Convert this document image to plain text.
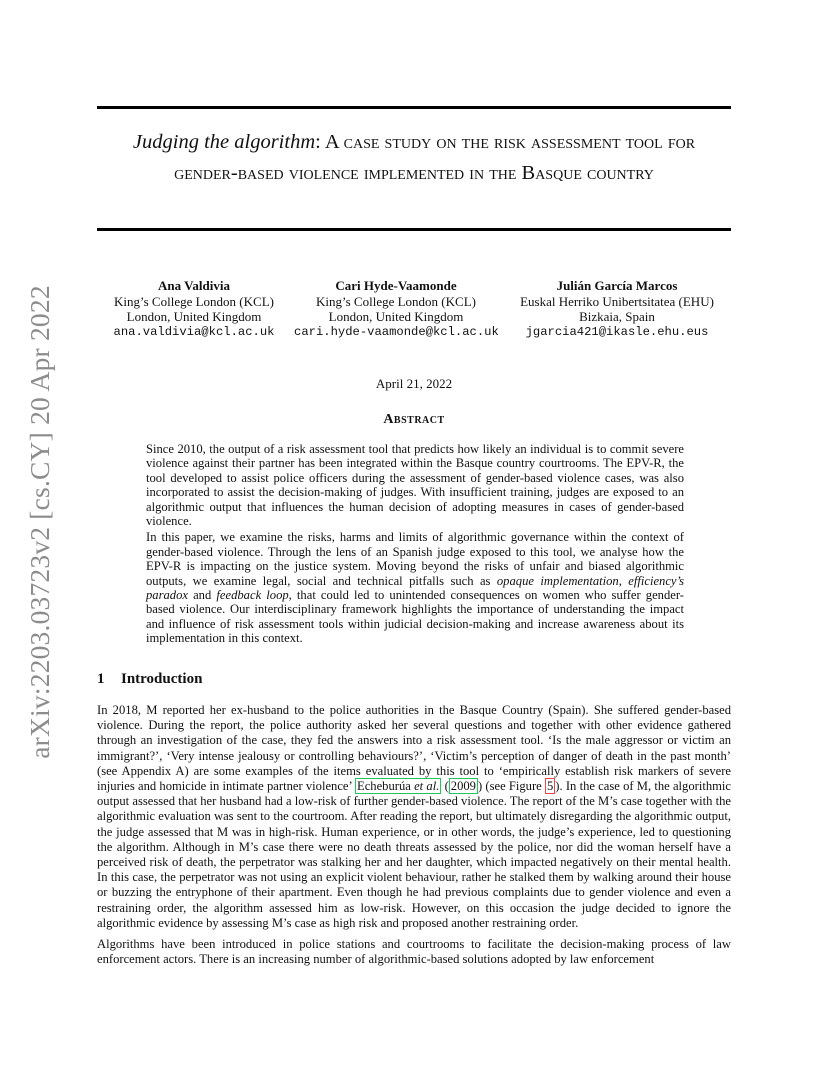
arXiv:2203.03723v2 [cs.CY] 20 Apr 2022
Judging the algorithm: A case study on the risk assessment tool for gender-based violence implemented in the Basque country
Ana Valdivia
King’s College London (KCL)
London, United Kingdom
ana.valdivia@kcl.ac.uk
Cari Hyde-Vaamonde
King’s College London (KCL)
London, United Kingdom
cari.hyde-vaamonde@kcl.ac.uk
Julián García Marcos
Euskal Herriko Unibertsitatea (EHU)
Bizkaia, Spain
jgarcia421@ikasle.ehu.eus
April 21, 2022
Abstract

Since 2010, the output of a risk assessment tool that predicts how likely an individual is to commit severe violence against their partner has been integrated within the Basque country courtrooms. The EPV-R, the tool developed to assist police officers during the assessment of gender-based violence cases, was also incorporated to assist the decision-making of judges. With insufficient training, judges are exposed to an algorithmic output that influences the human decision of adopting measures in cases of gender-based violence.

In this paper, we examine the risks, harms and limits of algorithmic governance within the context of gender-based violence. Through the lens of an Spanish judge exposed to this tool, we analyse how the EPV-R is impacting on the justice system. Moving beyond the risks of unfair and biased algorithmic outputs, we examine legal, social and technical pitfalls such as opaque implementation, efficiency’s paradox and feedback loop, that could led to unintended consequences on women who suffer gender-based violence. Our interdisciplinary framework highlights the importance of understanding the impact and influence of risk assessment tools within judicial decision-making and increase awareness about its implementation in this context.

1 Introduction

In 2018, M reported her ex-husband to the police authorities in the Basque Country (Spain). She suffered gender-based violence. During the report, the police authority asked her several questions and together with other evidence gathered through an investigation of the case, they fed the answers into a risk assessment tool. ‘Is the male aggressor or victim an immigrant?’, ‘Very intense jealousy or controlling behaviours?’, ‘Victim’s perception of danger of death in the past month’ (see Appendix A) are some examples of the items evaluated by this tool to ‘empirically establish risk markers of severe injuries and homicide in intimate partner violence’ Echeburúa et al. ( 2009 ) (see Figure 5 ). In the case of M, the algorithmic output assessed that her husband had a low-risk of further gender-based violence. The report of the M’s case together with the algorithmic evaluation was sent to the courtroom. After reading the report, but ultimately disregarding the algorithmic output, the judge assessed that M was in high-risk. Human experience, or in other words, the judge’s experience, led to questioning the algorithm. Although in M’s case there were no death threats assessed by the police, nor did the woman herself have a perceived risk of death, the perpetrator was stalking her and her daughter, which impacted negatively on their mental health. In this case, the perpetrator was not using an explicit violent behaviour, rather he stalked them by walking around their house or buzzing the entryphone of their apartment. Even though he had previous complaints due to gender violence and even a restraining order, the algorithm assessed him as low-risk. However, on this occasion the judge decided to ignore the algorithmic evidence by assessing M’s case as high risk and proposed another restraining order.

Algorithms have been introduced in police stations and courtrooms to facilitate the decision-making process of law enforcement actors. There is an increasing number of algorithmic-based solutions adopted by law enforcement
